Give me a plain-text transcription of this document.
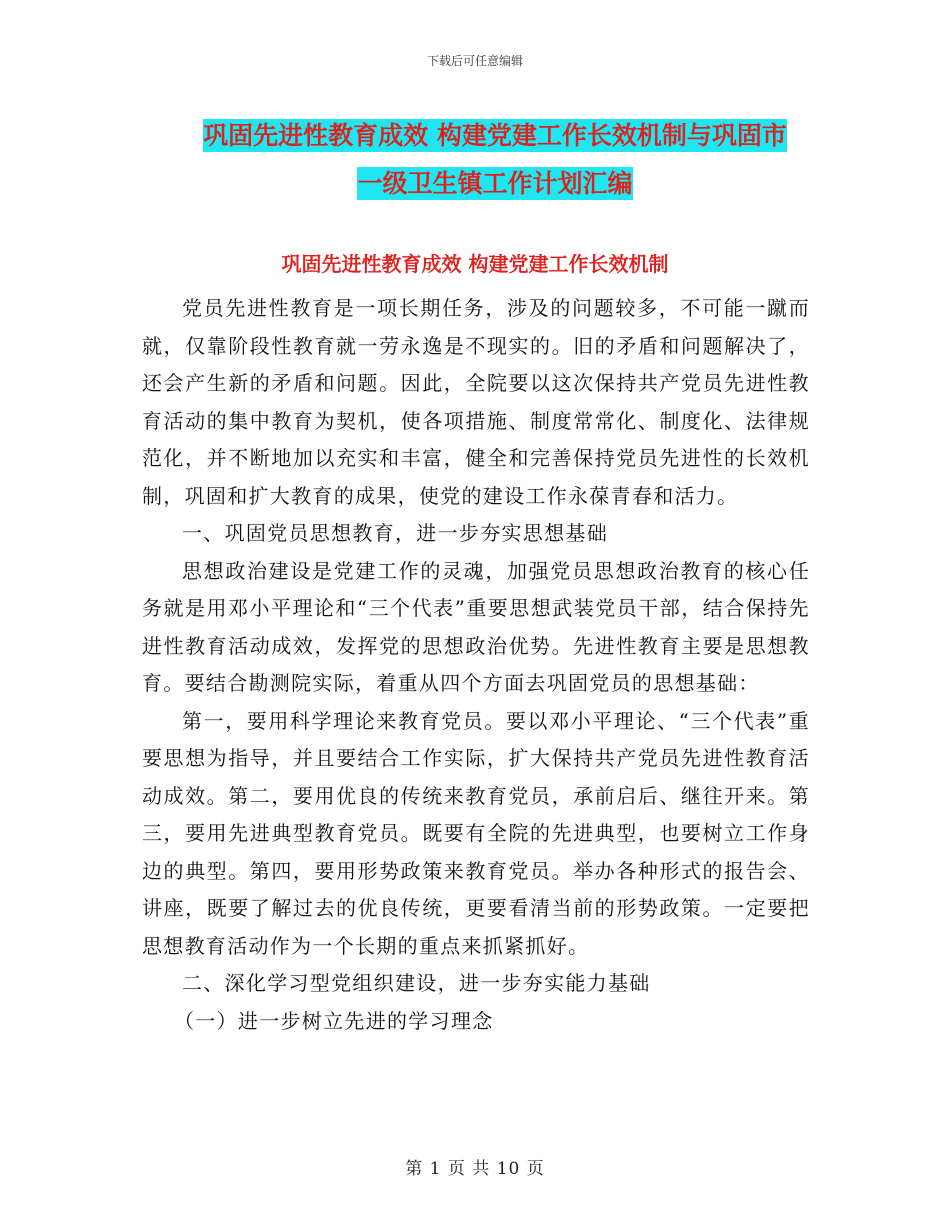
下载后可任意编辑
巩固先进性教育成效 构建党建工作长效机制与巩固市
一级卫生镇工作计划汇编
巩固先进性教育成效 构建党建工作长效机制

党员先进性教育是一项长期任务，涉及的问题较多，不可能一蹴而就，仅靠阶段性教育就一劳永逸是不现实的。旧的矛盾和问题解决了，还会产生新的矛盾和问题。因此，全院要以这次保持共产党员先进性教育活动的集中教育为契机，使各项措施、制度常常化、制度化、法律规范化，并不断地加以充实和丰富，健全和完善保持党员先进性的长效机制，巩固和扩大教育的成果，使党的建设工作永葆青春和活力。

一、巩固党员思想教育，进一步夯实思想基础

思想政治建设是党建工作的灵魂，加强党员思想政治教育的核心任务就是用邓小平理论和“三个代表”重要思想武装党员干部，结合保持先进性教育活动成效，发挥党的思想政治优势。先进性教育主要是思想教育。要结合勘测院实际，着重从四个方面去巩固党员的思想基础：

第一，要用科学理论来教育党员。要以邓小平理论、“三个代表”重要思想为指导，并且要结合工作实际，扩大保持共产党员先进性教育活动成效。第二，要用优良的传统来教育党员，承前启后、继往开来。第三，要用先进典型教育党员。既要有全院的先进典型，也要树立工作身边的典型。第四，要用形势政策来教育党员。举办各种形式的报告会、讲座，既要了解过去的优良传统，更要看清当前的形势政策。一定要把思想教育活动作为一个长期的重点来抓紧抓好。

二、深化学习型党组织建设，进一步夯实能力基础

（一）进一步树立先进的学习理念

第 1 页 共 10 页
